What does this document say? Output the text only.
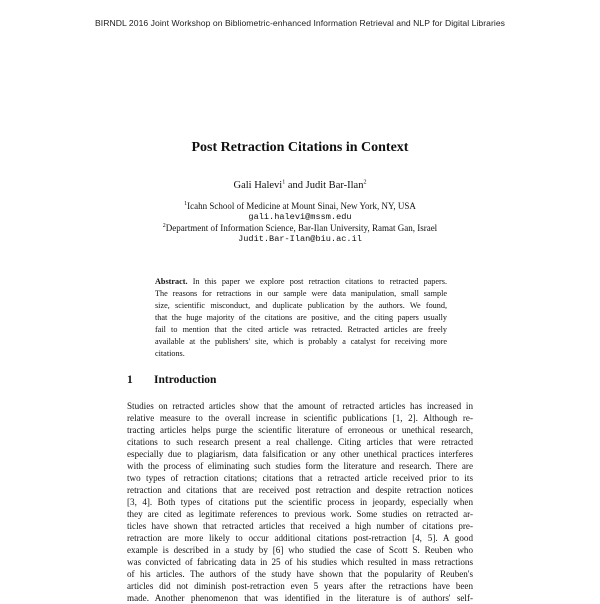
BIRNDL 2016 Joint Workshop on Bibliometric-enhanced Information Retrieval and NLP for Digital Libraries
Post Retraction Citations in Context
Gali Halevi$^1$ and Judit Bar-Ilan$^2$
$^1$Icahn School of Medicine at Mount Sinai, New York, NY, USA
gali.halevi@mssm.edu
$^2$Department of Information Science, Bar-Ilan University, Ramat Gan, Israel
Judit.Bar-Ilan@biu.ac.il
Abstract. In this paper we explore post retraction citations to retracted papers.
The reasons for retractions in our sample were data manipulation, small sample
size, scientific misconduct, and duplicate publication by the authors. We found,
that the huge majority of the citations are positive, and the citing papers usually
fail to mention that the cited article was retracted. Retracted articles are freely
available at the publishers' site, which is probably a catalyst for receiving more
citations.
1 Introduction
Studies on retracted articles show that the amount of retracted articles has increased in
relative measure to the overall increase in scientific publications [1, 2]. Although re-
tracting articles helps purge the scientific literature of erroneous or unethical research,
citations to such research present a real challenge. Citing articles that were retracted
especially due to plagiarism, data falsification or any other unethical practices interferes
with the process of eliminating such studies form the literature and research. There are
two types of retraction citations; citations that a retracted article received prior to its
retraction and citations that are received post retraction and despite retraction notices
[3, 4]. Both types of citations put the scientific process in jeopardy, especially when
they are cited as legitimate references to previous work. Some studies on retracted ar-
ticles have shown that retracted articles that received a high number of citations pre-
retraction are more likely to occur additional citations post-retraction [4, 5]. A good
example is described in a study by [6] who studied the case of Scott S. Reuben who
was convicted of fabricating data in 25 of his studies which resulted in mass retractions
of his articles. The authors of the study have shown that the popularity of Reuben's
articles did not diminish post-retraction even 5 years after the retractions have been
made. Another phenomenon that was identified in the literature is of authors' self-
